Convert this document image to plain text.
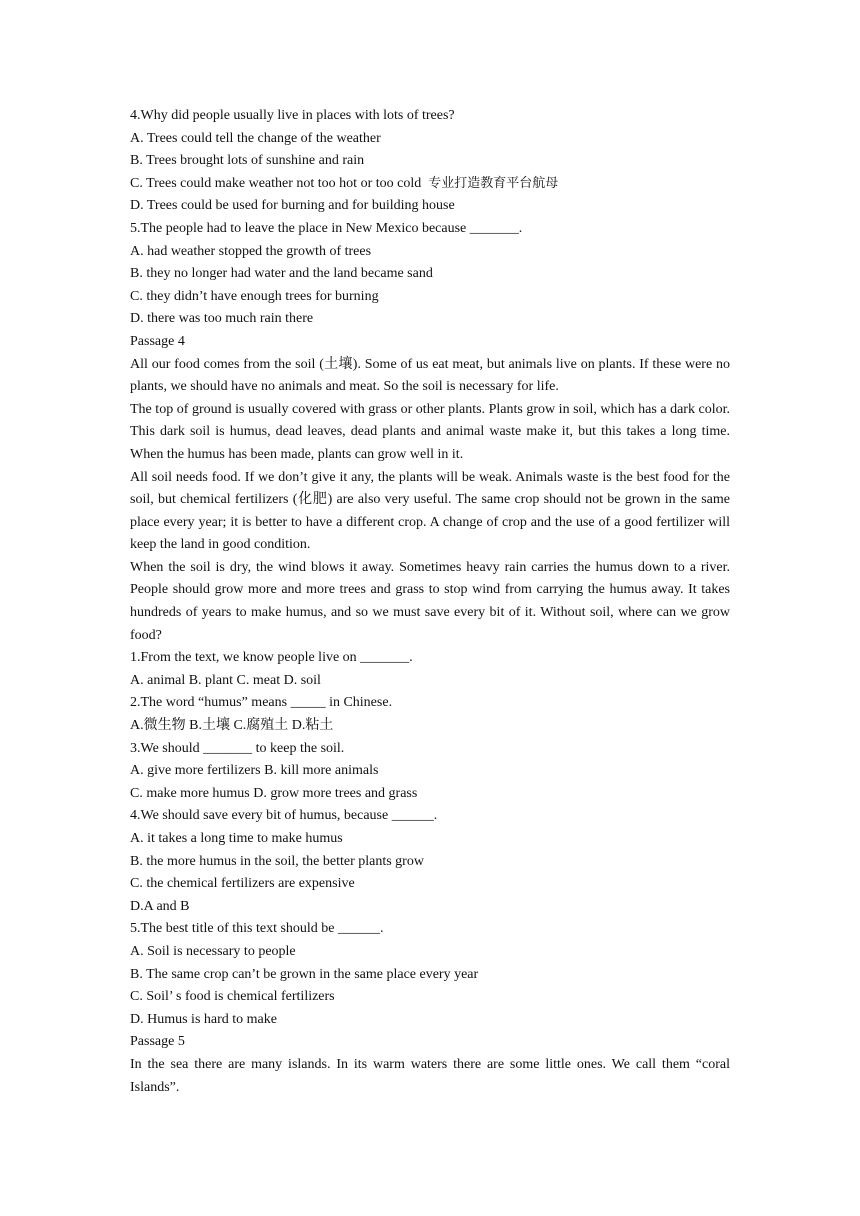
4.Why did people usually live in places with lots of trees?

A. Trees could tell the change of the weather

B. Trees brought lots of sunshine and rain

C. Trees could make weather not too hot or too cold 专业打造教育平台航母

D. Trees could be used for burning and for building house

5.The people had to leave the place in New Mexico because _______.

A. had weather stopped the growth of trees

B. they no longer had water and the land became sand

C. they didn’t have enough trees for burning

D. there was too much rain there

Passage 4

All our food comes from the soil (土壤). Some of us eat meat, but animals live on plants. If these were no plants, we should have no animals and meat. So the soil is necessary for life.

The top of ground is usually covered with grass or other plants. Plants grow in soil, which has a dark color. This dark soil is humus, dead leaves, dead plants and animal waste make it, but this takes a long time. When the humus has been made, plants can grow well in it.

All soil needs food. If we don’t give it any, the plants will be weak. Animals waste is the best food for the soil, but chemical fertilizers (化肥) are also very useful. The same crop should not be grown in the same place every year; it is better to have a different crop. A change of crop and the use of a good fertilizer will keep the land in good condition.

When the soil is dry, the wind blows it away. Sometimes heavy rain carries the humus down to a river. People should grow more and more trees and grass to stop wind from carrying the humus away. It takes hundreds of years to make humus, and so we must save every bit of it. Without soil, where can we grow food?

1.From the text, we know people live on _______.

A. animal B. plant C. meat D. soil

2.The word “humus” means _____ in Chinese.

A.微生物 B.土壤 C.腐殖土 D.粘土

3.We should _______ to keep the soil.

A. give more fertilizers B. kill more animals

C. make more humus D. grow more trees and grass

4.We should save every bit of humus, because ______.

A. it takes a long time to make humus

B. the more humus in the soil, the better plants grow

C. the chemical fertilizers are expensive

D.A and B

5.The best title of this text should be ______.

A. Soil is necessary to people

B. The same crop can’t be grown in the same place every year

C. Soil’ s food is chemical fertilizers

D. Humus is hard to make

Passage 5

In the sea there are many islands. In its warm waters there are some little ones. We call them “coral Islands”.
